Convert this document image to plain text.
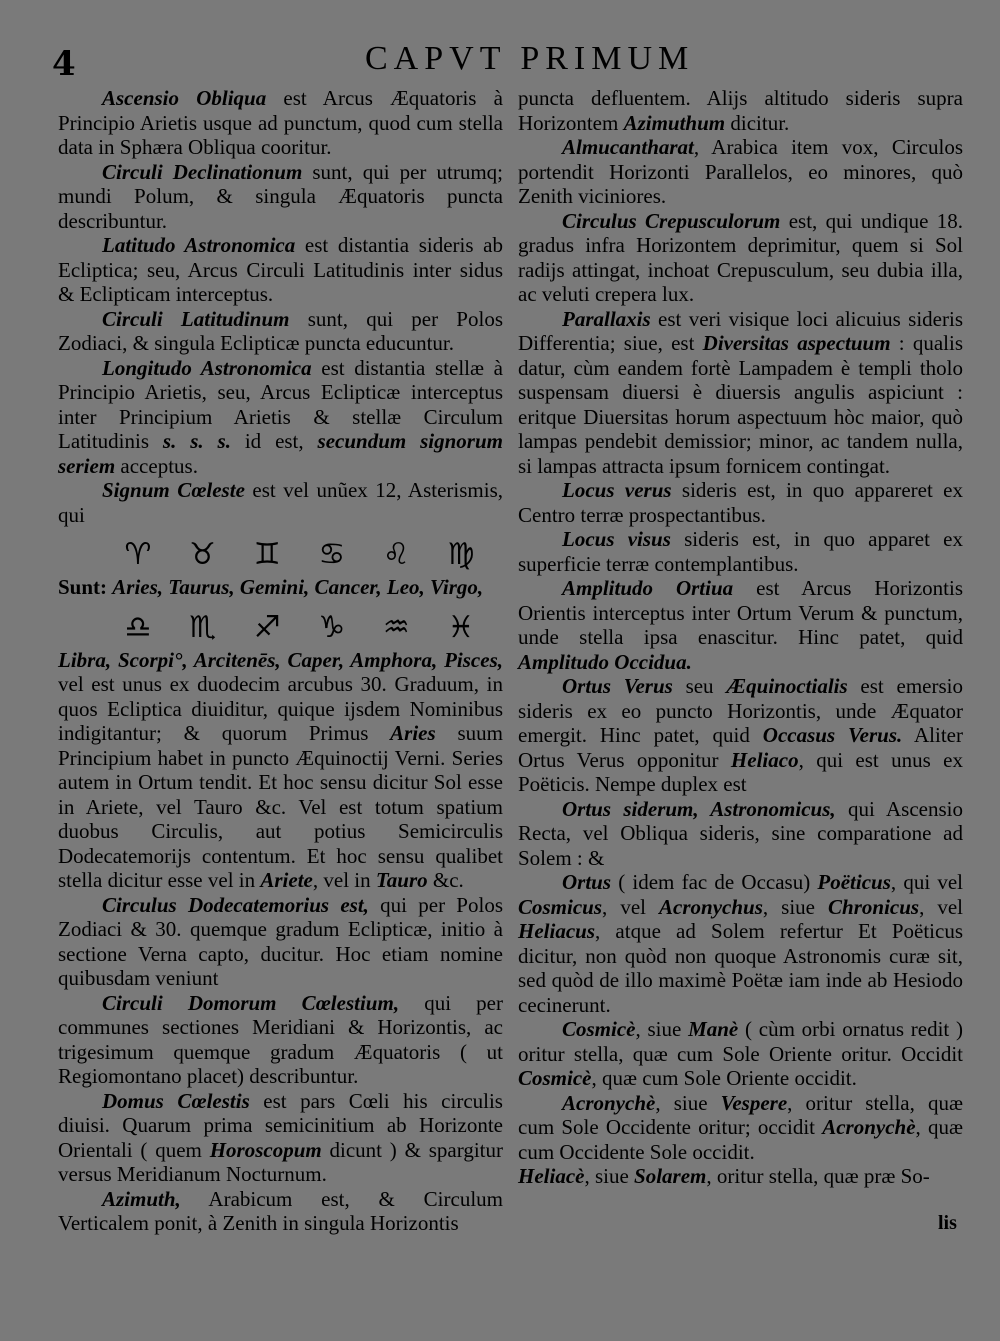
4	CAPVT PRIMUM

Ascensio Obliqua est Arcus Æquatoris à Principio Arietis usque ad punctum, quod cum stella data in Sphæra Obliqua cooritur.

Circuli Declinationum sunt, qui per utrumq; mundi Polum, & singula Æquatoris puncta describuntur.

Latitudo Astronomica est distantia sideris ab Ecliptica; seu, Arcus Circuli Latitudinis inter sidus & Eclipticam interceptus.

Circuli Latitudinum sunt, qui per Polos Zodiaci, & singula Eclipticæ puncta educuntur.

Longitudo Astronomica est distantia stellæ à Principio Arietis, seu, Arcus Eclipticæ interceptus inter Principium Arietis & stellæ Circulum Latitudinis s. s. s. id est, secundum signorum seriem acceptus.

Signum Cœleste est vel unũex 12, Asterismis, qui

♈	♉	♊	♋	♌	♍

Sunt: Aries, Taurus, Gemini, Cancer, Leo, Virgo,

♎	♏	♐	♑	♒	♓

Libra, Scorpi°, Arcitenēs, Caper, Amphora, Pisces, vel est unus ex duodecim arcubus 30. Graduum, in quos Ecliptica diuiditur, quique ijsdem Nominibus indigitantur; & quorum Primus Aries suum Principium habet in puncto Æquinoctij Verni. Series autem in Ortum tendit. Et hoc sensu dicitur Sol esse in Ariete, vel Tauro &c. Vel est totum spatium duobus Circulis, aut potius Semicirculis Dodecatemorijs contentum. Et hoc sensu qualibet stella dicitur esse vel in Ariete, vel in Tauro &c.

Circulus Dodecatemorius est, qui per Polos Zodiaci & 30. quemque gradum Eclipticæ, initio à sectione Verna capto, ducitur. Hoc etiam nomine quibusdam veniunt

Circuli Domorum Cœlestium, qui per communes sectiones Meridiani & Horizontis, ac trigesimum quemque gradum Æquatoris ( ut Regiomontano placet) describuntur.

Domus Cœlestis est pars Cœli his circulis diuisi. Quarum prima semicinitium ab Horizonte Orientali ( quem Horoscopum dicunt ) & spargitur versus Meridianum Nocturnum.

Azimuth, Arabicum est, & Circulum Verticalem ponit, à Zenith in singula Horizontis

puncta defluentem. Alijs altitudo sideris supra Horizontem Azimuthum dicitur.

Almucantharat, Arabica item vox, Circulos portendit Horizonti Parallelos, eo minores, quò Zenith viciniores.

Circulus Crepusculorum est, qui undique 18. gradus infra Horizontem deprimitur, quem si Sol radijs attingat, inchoat Crepusculum, seu dubia illa, ac veluti crepera lux.

Parallaxis est veri visique loci alicuius sideris Differentia; siue, est Diversitas aspectuum : qualis datur, cùm eandem fortè Lampadem è templi tholo suspensam diuersi è diuersis angulis aspiciunt : eritque Diuersitas horum aspectuum hòc maior, quò lampas pendebit demissior; minor, ac tandem nulla, si lampas attracta ipsum fornicem contingat.

Locus verus sideris est, in quo appareret ex Centro terræ prospectantibus.

Locus visus sideris est, in quo apparet ex superficie terræ contemplantibus.

Amplitudo Ortiua est Arcus Horizontis Orientis interceptus inter Ortum Verum & punctum, unde stella ipsa enascitur. Hinc patet, quid Amplitudo Occidua.

Ortus Verus seu Æquinoctialis est emersio sideris ex eo puncto Horizontis, unde Æquator emergit. Hinc patet, quid Occasus Verus. Aliter Ortus Verus opponitur Heliaco, qui est unus ex Poëticis. Nempe duplex est

Ortus siderum, Astronomicus, qui Ascensio Recta, vel Obliqua sideris, sine comparatione ad Solem : &

Ortus ( idem fac de Occasu) Poëticus, qui vel Cosmicus, vel Acronychus, siue Chronicus, vel Heliacus, atque ad Solem refertur Et Poëticus dicitur, non quòd non quoque Astronomis curæ sit, sed quòd de illo maximè Poëtæ iam inde ab Hesiodo cecinerunt.

Cosmicè, siue Manè ( cùm orbi ornatus redit ) oritur stella, quæ cum Sole Oriente oritur. Occidit Cosmicè, quæ cum Sole Oriente occidit.

Acronychè, siue Vespere, oritur stella, quæ cum Sole Occidente oritur; occidit Acronychè, quæ cum Occidente Sole occidit.

Heliacè, siue Solarem, oritur stella, quæ præ So-

lis
